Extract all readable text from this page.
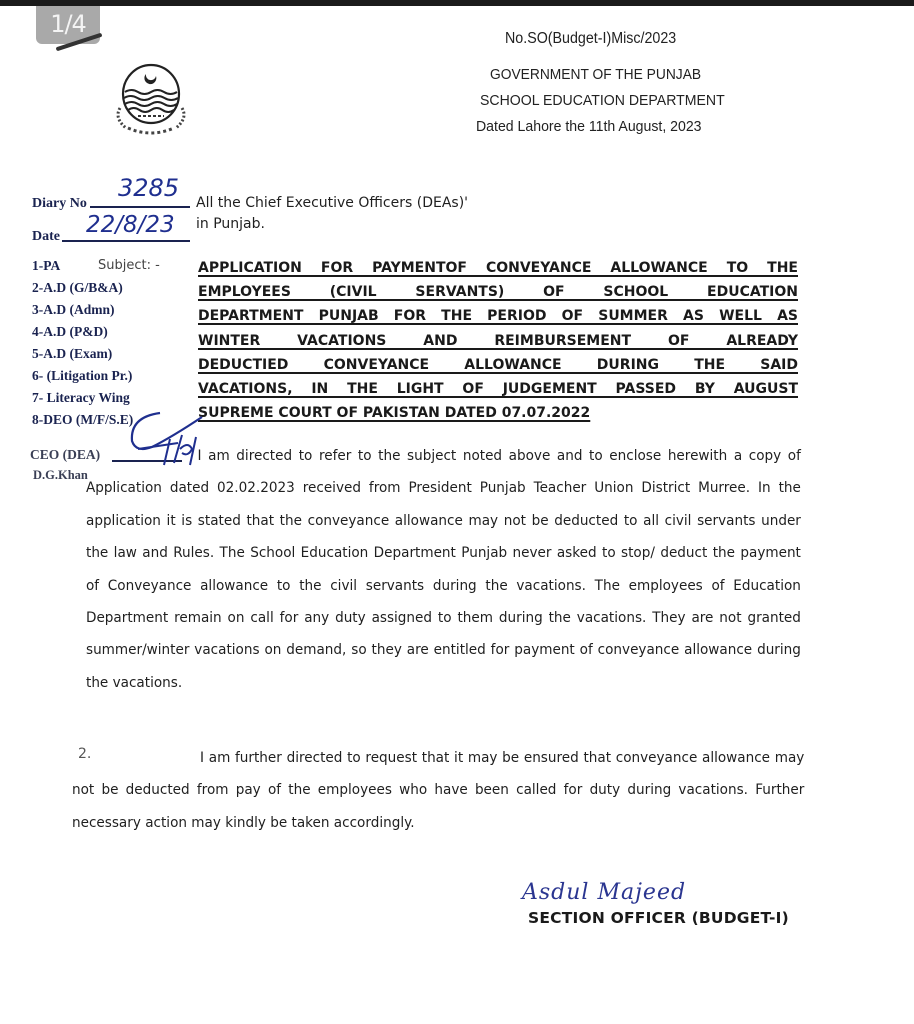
1/4
No.SO(Budget-I)Misc/2023
GOVERNMENT OF THE PUNJAB
SCHOOL EDUCATION DEPARTMENT
Dated Lahore the 11th August, 2023
Diary No
3285
Date 22/8/23
All the Chief Executive Officers (DEAs)'
in Punjab.
1-PA
2-A.D (G/B&A)
3-A.D (Admn)
4-A.D (P&D)
5-A.D (Exam)
6- (Litigation Pr.)
7- Literacy Wing
8-DEO (M/F/S.E)
Subject: -	APPLICATION FOR PAYMENTOF CONVEYANCE ALLOWANCE TO THE
EMPLOYEES (CIVIL SERVANTS) OF SCHOOL EDUCATION
DEPARTMENT PUNJAB FOR THE PERIOD OF SUMMER AS WELL AS
WINTER VACATIONS AND REIMBURSEMENT OF ALREADY
DEDUCTIED CONVEYANCE ALLOWANCE DURING THE SAID
VACATIONS, IN THE LIGHT OF JUDGEMENT PASSED BY AUGUST
SUPREME COURT OF PAKISTAN DATED 07.07.2022
CEO (DEA)
D.G.Khan
I am directed to refer to the subject noted above and to enclose herewith a copy of Application dated 02.02.2023 received from President Punjab Teacher Union District Murree. In the application it is stated that the conveyance allowance may not be deducted to all civil servants under the law and Rules. The School Education Department Punjab never asked to stop/ deduct the payment of Conveyance allowance to the civil servants during the vacations. The employees of Education Department remain on call for any duty assigned to them during the vacations. They are not granted summer/winter vacations on demand, so they are entitled for payment of conveyance allowance during the vacations.
2.	I am further directed to request that it may be ensured that conveyance allowance may not be deducted from pay of the employees who have been called for duty during vacations. Further necessary action may kindly be taken accordingly.
Asdul Majeed
SECTION OFFICER (BUDGET-I)
